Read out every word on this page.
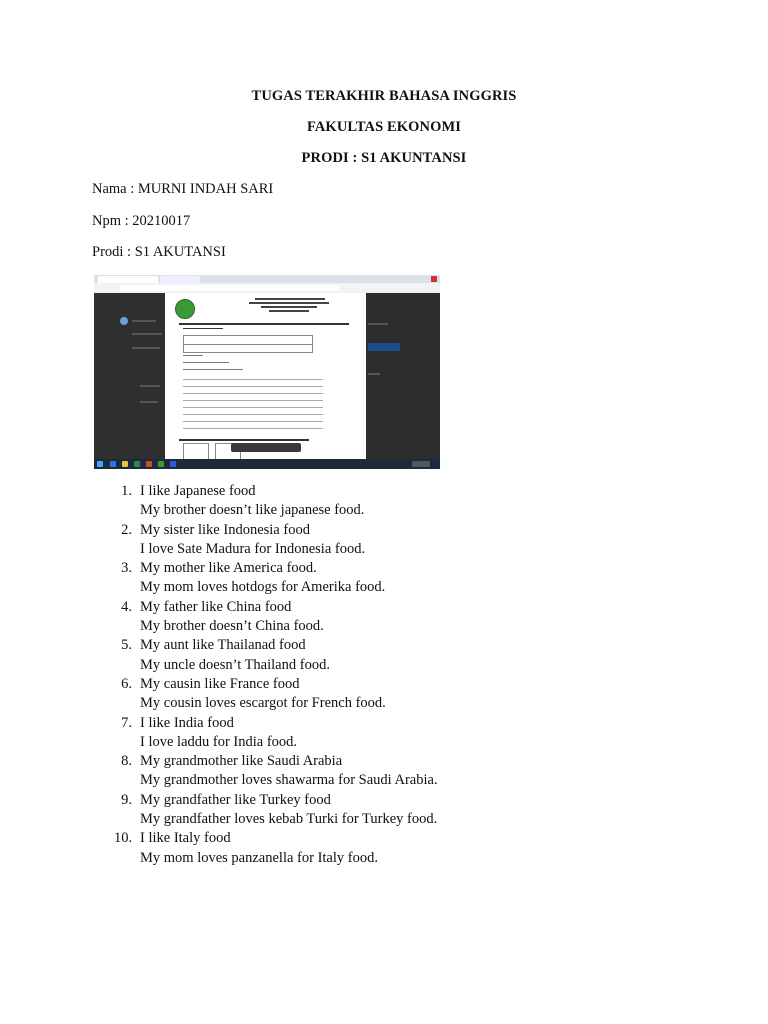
TUGAS TERAKHIR BAHASA INGGRIS
FAKULTAS EKONOMI
PRODI : S1 AKUNTANSI
Nama : MURNI INDAH SARI
Npm : 20210017
Prodi : S1 AKUTANSI
1. I like Japanese food
My brother doesn’t like japanese food.
2. My sister like Indonesia food
I love Sate Madura for Indonesia food.
3. My mother like America food.
My mom loves hotdogs for Amerika food.
4. My father like China food
My brother doesn’t China food.
5. My aunt like Thailanad food
My uncle doesn’t Thailand food.
6. My causin like France food
My cousin loves escargot for French food.
7. I like India food
I love laddu for India food.
8. My grandmother like Saudi Arabia
My grandmother loves shawarma for Saudi Arabia.
9. My grandfather like Turkey food
My grandfather loves kebab Turki for Turkey food.
10. I like Italy food
My mom loves panzanella for Italy food.
